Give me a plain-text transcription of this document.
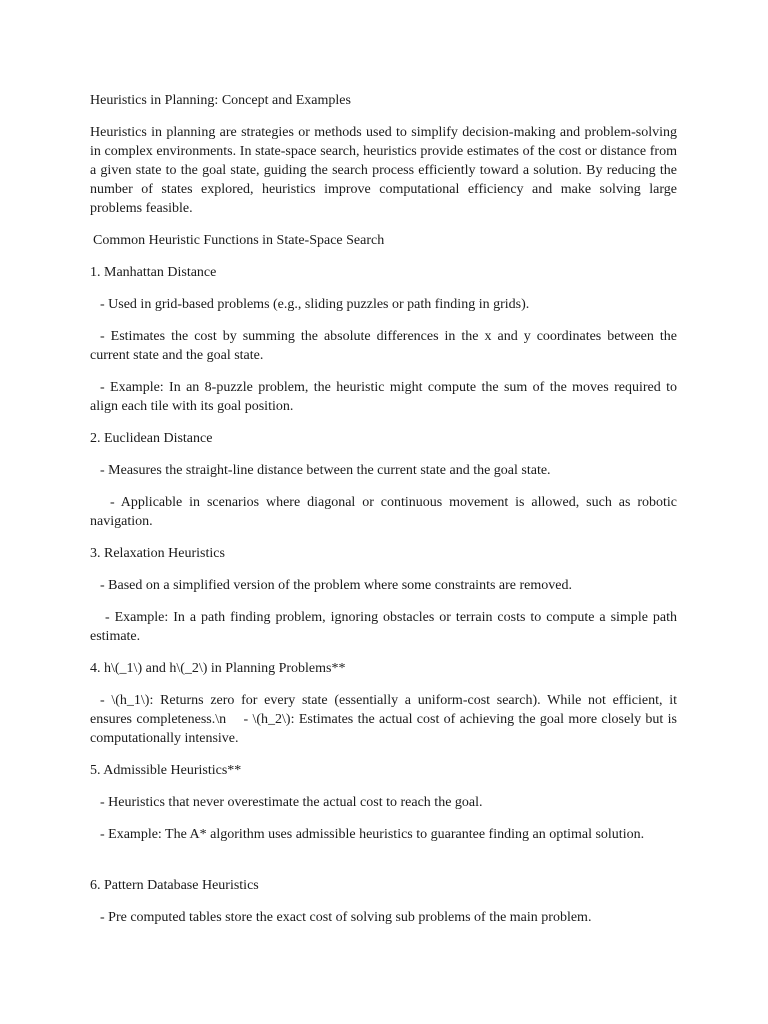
Heuristics in Planning: Concept and Examples

Heuristics in planning are strategies or methods used to simplify decision-making and problem-solving in complex environments. In state-space search, heuristics provide estimates of the cost or distance from a given state to the goal state, guiding the search process efficiently toward a solution. By reducing the number of states explored, heuristics improve computational efficiency and make solving large problems feasible.

Common Heuristic Functions in State-Space Search

1. Manhattan Distance

- Used in grid-based problems (e.g., sliding puzzles or path finding in grids).

- Estimates the cost by summing the absolute differences in the x and y coordinates between the current state and the goal state.

- Example: In an 8-puzzle problem, the heuristic might compute the sum of the moves required to align each tile with its goal position.

2. Euclidean Distance

- Measures the straight-line distance between the current state and the goal state.

- Applicable in scenarios where diagonal or continuous movement is allowed, such as robotic navigation.

3. Relaxation Heuristics

- Based on a simplified version of the problem where some constraints are removed.

- Example: In a path finding problem, ignoring obstacles or terrain costs to compute a simple path estimate.

4. h\(_1\) and h\(_2\) in Planning Problems**

- \(h_1\): Returns zero for every state (essentially a uniform-cost search). While not efficient, it ensures completeness.\n    - \(h_2\): Estimates the actual cost of achieving the goal more closely but is computationally intensive.

5. Admissible Heuristics**

- Heuristics that never overestimate the actual cost to reach the goal.

- Example: The A* algorithm uses admissible heuristics to guarantee finding an optimal solution.

6. Pattern Database Heuristics

- Pre computed tables store the exact cost of solving sub problems of the main problem.
